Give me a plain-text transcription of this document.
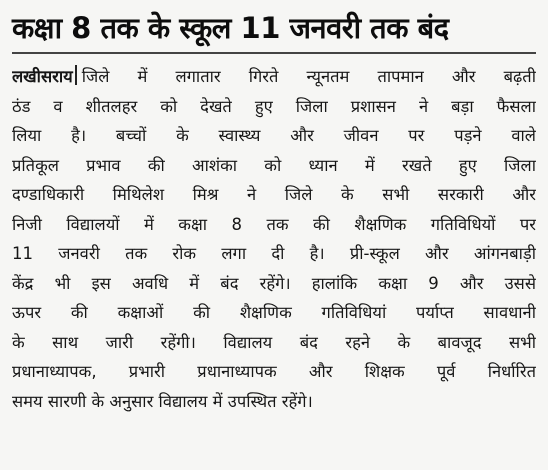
कक्षा 8 तक के स्कूल 11 जनवरी तक बंद
लखीसराय जिले में लगातार गिरते न्यूनतम तापमान और बढ़ती
ठंड व शीतलहर को देखते हुए जिला प्रशासन ने बड़ा फैसला
लिया है। बच्चों के स्वास्थ्य और जीवन पर पड़ने वाले
प्रतिकूल प्रभाव की आशंका को ध्यान में रखते हुए जिला
दण्डाधिकारी मिथिलेश मिश्र ने जिले के सभी सरकारी और
निजी विद्यालयों में कक्षा 8 तक की शैक्षणिक गतिविधियों पर
11 जनवरी तक रोक लगा दी है। प्री-स्कूल और आंगनबाड़ी
केंद्र भी इस अवधि में बंद रहेंगे। हालांकि कक्षा 9 और उससे
ऊपर की कक्षाओं की शैक्षणिक गतिविधियां पर्याप्त सावधानी
के साथ जारी रहेंगी। विद्यालय बंद रहने के बावजूद सभी
प्रधानाध्यापक, प्रभारी प्रधानाध्यापक और शिक्षक पूर्व निर्धारित
समय सारणी के अनुसार विद्यालय में उपस्थित रहेंगे।
